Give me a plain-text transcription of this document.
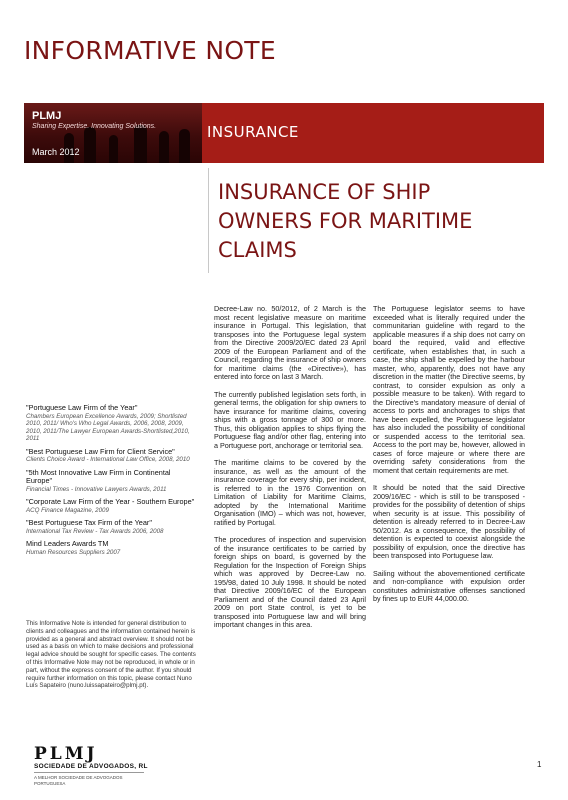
INFORMATIVE NOTE
PLMJ
Sharing Expertise. Innovating Solutions.
March 2012
INSURANCE
INSURANCE OF SHIP OWNERS FOR MARITIME CLAIMS

Decree-Law no. 50/2012, of 2 March is the most recent legislative measure on maritime insurance in Portugal. This legislation, that transposes into the Portuguese legal system from the Directive 2009/20/EC dated 23 April 2009 of the European Parliament and of the Council, regarding the insurance of ship owners for maritime claims (the «Directive»), has entered into force on last 3 March.

The currently published legislation sets forth, in general terms, the obligation for ship owners to have insurance for maritime claims, covering ships with a gross tonnage of 300 or more. Thus, this obligation applies to ships flying the Portuguese flag and/or other flag, entering into a Portuguese port, anchorage or territorial sea.

The maritime claims to be covered by the insurance, as well as the amount of the insurance coverage for every ship, per incident, is referred to in the 1976 Convention on Limitation of Liability for Maritime Claims, adopted by the International Maritime Organisation (IMO) – which was not, however, ratified by Portugal.

The procedures of inspection and supervision of the insurance certificates to be carried by foreign ships on board, is governed by the Regulation for the Inspection of Foreign Ships which was approved by Decree-Law no. 195/98, dated 10 July 1998. It should be noted that Directive 2009/16/EC of the European Parliament and of the Council dated 23 April 2009 on port State control, is yet to be transposed into Portuguese law and will bring important changes in this area.

The Portuguese legislator seems to have exceeded what is literally required under the communitarian guideline with regard to the applicable measures if a ship does not carry on board the required, valid and effective certificate, when establishes that, in such a case, the ship shall be expelled by the harbour master, who, apparently, does not have any discretion in the matter (the Directive seems, by contrast, to consider expulsion as only a possible measure to be taken). With regard to the Directive's mandatory measure of denial of access to ports and anchorages to ships that have been expelled, the Portuguese legislator has also included the possibility of conditional or suspended access to the territorial sea. Access to the port may be, however, allowed in cases of force majeure or where there are overriding safety considerations from the moment that certain requirements are met.

It should be noted that the said Directive 2009/16/EC - which is still to be transposed - provides for the possibility of detention of ships when security is at issue. This possibility of detention is already referred to in Decree-Law 50/2012. As a consequence, the possibility of detention is expected to coexist alongside the possibility of expulsion, once the directive has been transposed into Portuguese law.

Sailing without the abovementioned certificate and non-compliance with expulsion order constitutes administrative offenses sanctioned by fines up to EUR 44,000.00.

"Portuguese Law Firm of the Year"
Chambers European Excellence Awards, 2009; Shortlisted 2010, 2011/ Who's Who Legal Awards, 2006, 2008, 2009, 2010, 2011/The Lawyer European Awards-Shortlisted,2010, 2011
"Best Portuguese Law Firm for Client Service"
Clients Choice Award - International Law Office, 2008, 2010
"5th Most Innovative Law Firm in Continental Europe"
Financial Times - Innovative Lawyers Awards, 2011
"Corporate Law Firm of the Year - Southern Europe"
ACQ Finance Magazine, 2009
"Best Portuguese Tax Firm of the Year"
International Tax Review - Tax Awards 2006, 2008
Mind Leaders Awards TM
Human Resources Suppliers 2007
This Informative Note is intended for general distribution to clients and colleagues and the information contained herein is provided as a general and abstract overview. It should not be used as a basis on which to make decisions and professional legal advice should be sought for specific cases. The contents of this Informative Note may not be reproduced, in whole or in part, without the express consent of the author. If you should require further information on this topic, please contact Nuno Luís Sapateiro (nuno.luissapateiro@plmj.pt).
PLMJ
SOCIEDADE DE ADVOGADOS, RL
A MELHOR SOCIEDADE DE ADVOGADOS PORTUGUESA
1
